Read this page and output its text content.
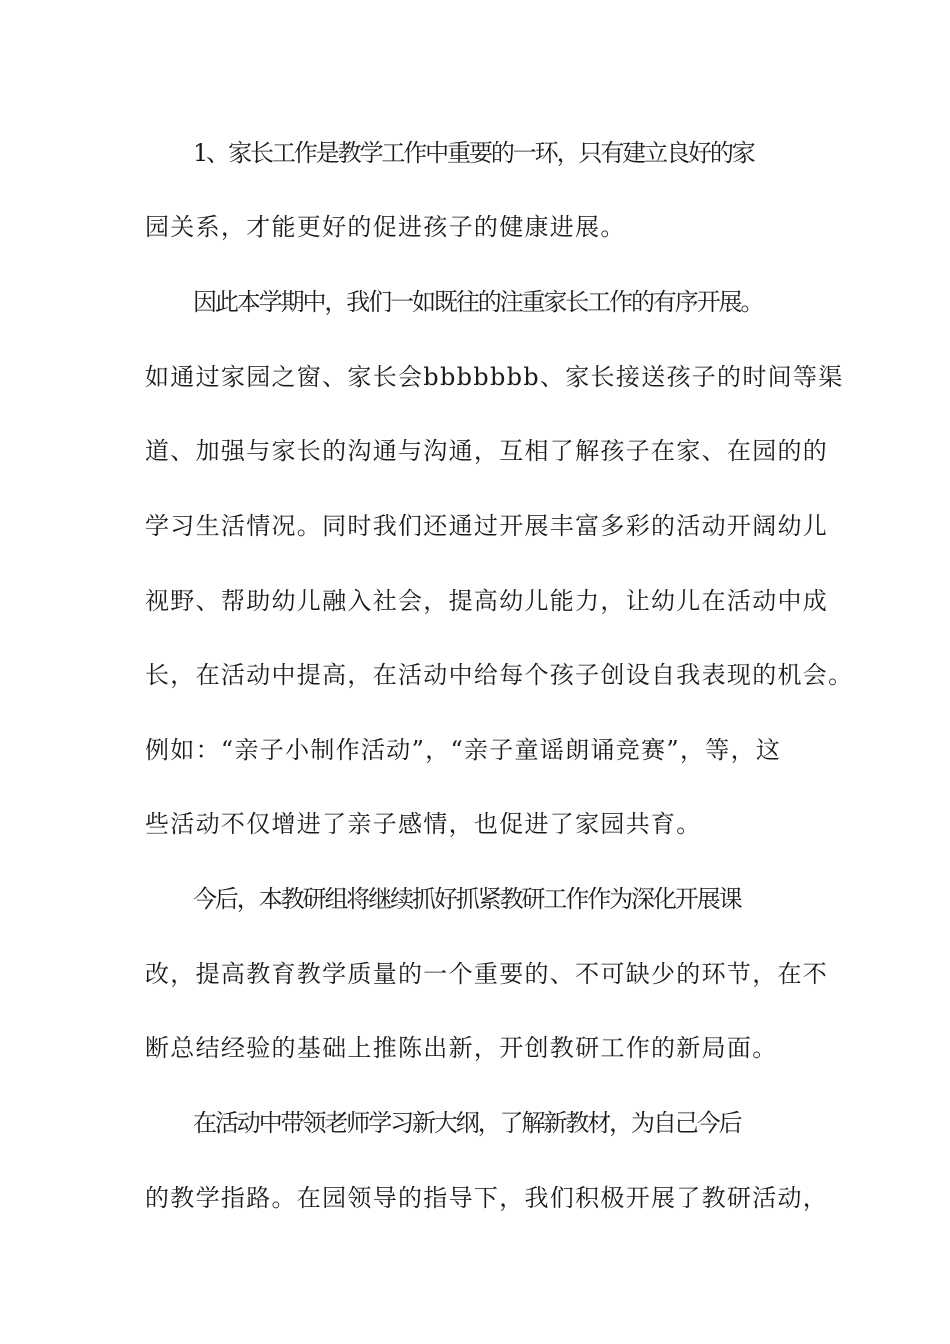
1、家长工作是教学工作中重要的一环，只有建立良好的家
园关系，才能更好的促进孩子的健康进展。
因此本学期中，我们一如既往的注重家长工作的有序开展。
如通过家园之窗、家长会bbbbbbb、家长接送孩子的时间等渠
道、加强与家长的沟通与沟通，互相了解孩子在家、在园的的
学习生活情况。同时我们还通过开展丰富多彩的活动开阔幼儿
视野、帮助幼儿融入社会，提高幼儿能力，让幼儿在活动中成
长，在活动中提高，在活动中给每个孩子创设自我表现的机会。
例如：“亲子小制作活动”，“亲子童谣朗诵竞赛”，等，这
些活动不仅增进了亲子感情，也促进了家园共育。
今后，本教研组将继续抓好抓紧教研工作作为深化开展课
改，提高教育教学质量的一个重要的、不可缺少的环节，在不
断总结经验的基础上推陈出新，开创教研工作的新局面。
在活动中带领老师学习新大纲，了解新教材，为自己今后
的教学指路。在园领导的指导下，我们积极开展了教研活动，
